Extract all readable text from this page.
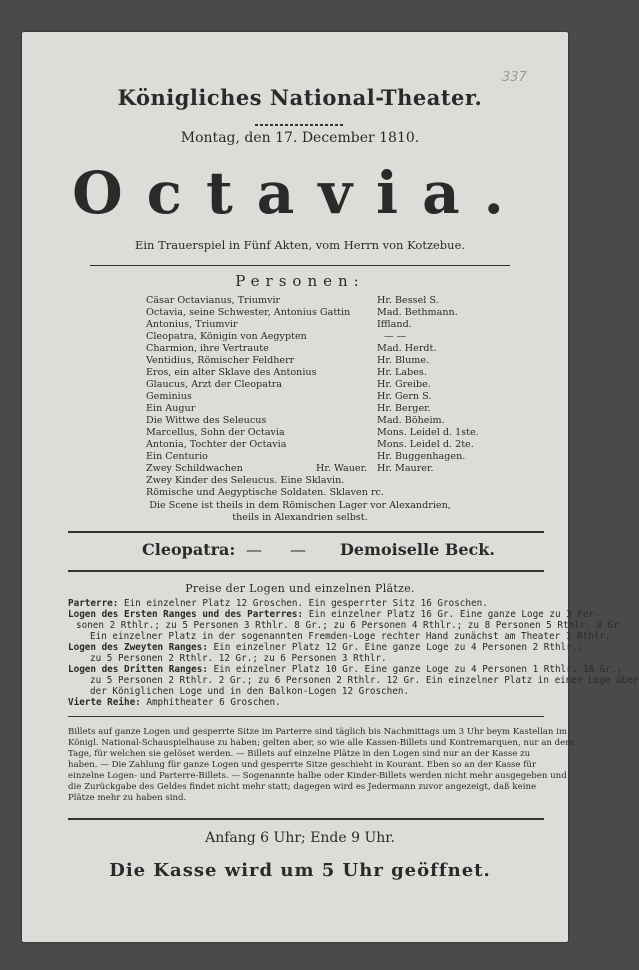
337
Königliches National-Theater.
Montag, den 17. December 1810.
Octavia.
Ein Trauerspiel in Fünf Akten, vom Herrn von Kotzebue.
Personen:
Cäsar Octavianus, Triumvir	Hr. Bessel S.
Octavia, seine Schwester, Antonius Gattin	Mad. Bethmann.
Antonius, Triumvir	Iffland.
Cleopatra, Königin von Aegypten	— —
Charmion, ihre Vertraute	Mad. Herdt.
Ventidius, Römischer Feldherr	Hr. Blume.
Eros, ein alter Sklave des Antonius	Hr. Labes.
Glaucus, Arzt der Cleopatra	Hr. Greibe.
Geminius	Hr. Gern S.
Ein Augur	Hr. Berger.
Die Wittwe des Seleucus	Mad. Böheim.
Marcellus, Sohn der Octavia	Mons. Leidel d. 1ste.
Antonia, Tochter der Octavia	Mons. Leidel d. 2te.
Ein Centurio	Hr. Buggenhagen.
Zwey Schildwachen	Hr. Wauer. Hr. Maurer.
Zwey Kinder des Seleucus. Eine Sklavin.
Römische und Aegyptische Soldaten. Sklaven rc.
Die Scene ist theils in dem Römischen Lager vor Alexandrien,
theils in Alexandrien selbst.
Cleopatra: — — Demoiselle Beck.
Preise der Logen und einzelnen Plätze.
Parterre: Ein einzelner Platz 12 Groschen. Ein gesperrter Sitz 16 Groschen.
Logen des Ersten Ranges und des Parterres: Ein einzelner Platz 16 Gr. Eine ganze Loge zu 3 Per-
sonen 2 Rthlr.; zu 5 Personen 3 Rthlr. 8 Gr.; zu 6 Personen 4 Rthlr.; zu 8 Personen 5 Rthlr. 8 Gr.
Ein einzelner Platz in der sogenannten Fremden-Loge rechter Hand zunächst am Theater 1 Rthlr.
Logen des Zweyten Ranges: Ein einzelner Platz 12 Gr. Eine ganze Loge zu 4 Personen 2 Rthlr.;
zu 5 Personen 2 Rthlr. 12 Gr.; zu 6 Personen 3 Rthlr.
Logen des Dritten Ranges: Ein einzelner Platz 10 Gr. Eine ganze Loge zu 4 Personen 1 Rthlr. 16 Gr.;
zu 5 Personen 2 Rthlr. 2 Gr.; zu 6 Personen 2 Rthlr. 12 Gr. Ein einzelner Platz in einer Loge über
der Königlichen Loge und in den Balkon-Logen 12 Groschen.
Vierte Reihe: Amphitheater 6 Groschen.
Billets auf ganze Logen und gesperrte Sitze im Parterre sind täglich bis Nachmittags um 3 Uhr beym Kastellan im
Königl. National-Schauspielhause zu haben; gelten aber, so wie alle Kassen-Billets und Kontremarquen, nur an dem
Tage, für welchen sie gelöset werden. — Billets auf einzelne Plätze in den Logen sind nur an der Kasse zu
haben. — Die Zahlung für ganze Logen und gesperrte Sitze geschieht in Kourant. Eben so an der Kasse für
einzelne Logen- und Parterre-Billets. — Sogenannte halbe oder Kinder-Billets werden nicht mehr ausgegeben und
die Zurückgabe des Geldes findet nicht mehr statt; dagegen wird es Jedermann zuvor angezeigt, daß keine
Plätze mehr zu haben sind.
Anfang 6 Uhr; Ende 9 Uhr.
Die Kasse wird um 5 Uhr geöffnet.
